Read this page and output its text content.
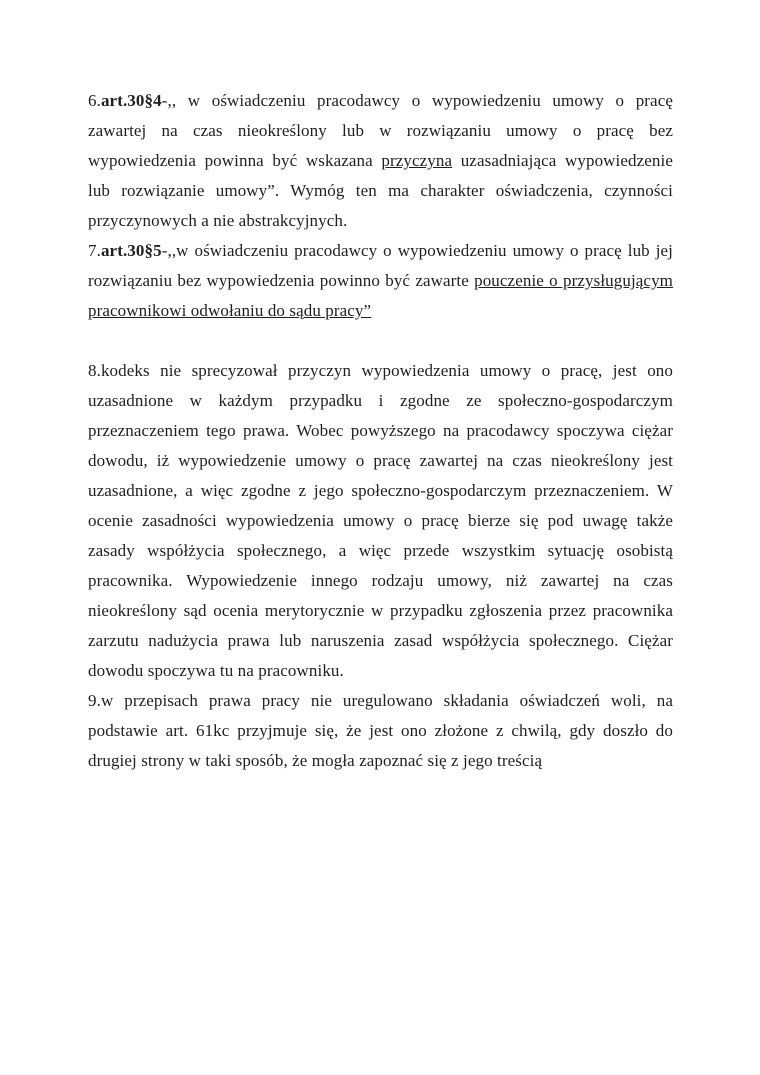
6.art.30§4-,, w oświadczeniu pracodawcy o wypowiedzeniu umowy o pracę zawartej na czas nieokreślony lub w rozwiązaniu umowy o pracę bez wypowiedzenia powinna być wskazana przyczyna uzasadniająca wypowiedzenie lub rozwiązanie umowy”. Wymóg ten ma charakter oświadczenia, czynności przyczynowych a nie abstrakcyjnych.

7.art.30§5-,,w oświadczeniu pracodawcy o wypowiedzeniu umowy o pracę lub jej rozwiązaniu bez wypowiedzenia powinno być zawarte pouczenie o przysługującym pracownikowi odwołaniu do sądu pracy”

8.kodeks nie sprecyzował przyczyn wypowiedzenia umowy o pracę, jest ono uzasadnione w każdym przypadku i zgodne ze społeczno-gospodarczym przeznaczeniem tego prawa. Wobec powyższego na pracodawcy spoczywa ciężar dowodu, iż wypowiedzenie umowy o pracę zawartej na czas nieokreślony jest uzasadnione, a więc zgodne z jego społeczno-gospodarczym przeznaczeniem. W ocenie zasadności wypowiedzenia umowy o pracę bierze się pod uwagę także zasady współżycia społecznego, a więc przede wszystkim sytuację osobistą pracownika. Wypowiedzenie innego rodzaju umowy, niż zawartej na czas nieokreślony sąd ocenia merytorycznie w przypadku zgłoszenia przez pracownika zarzutu nadużycia prawa lub naruszenia zasad współżycia społecznego. Ciężar dowodu spoczywa tu na pracowniku.

9.w przepisach prawa pracy nie uregulowano składania oświadczeń woli, na podstawie art. 61kc przyjmuje się, że jest ono złożone z chwilą, gdy doszło do drugiej strony w taki sposób, że mogła zapoznać się z jego treścią
